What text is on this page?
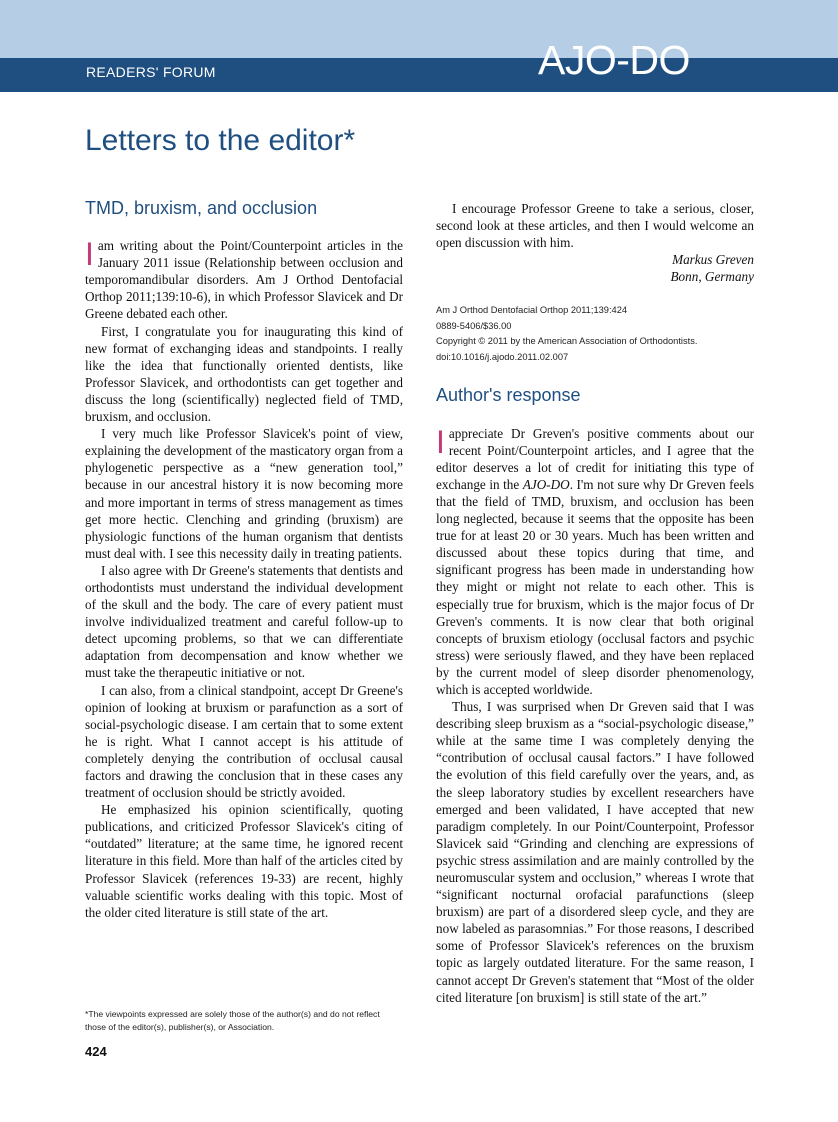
READERS' FORUM	AJO-DO
Letters to the editor*
TMD, bruxism, and occlusion

Iam writing about the Point/Counterpoint articles in the January 2011 issue (Relationship between occlusion and temporomandibular disorders. Am J Orthod Dentofacial Orthop 2011;139:10-6), in which Professor Slavicek and Dr Greene debated each other.

First, I congratulate you for inaugurating this kind of new format of exchanging ideas and standpoints. I really like the idea that functionally oriented dentists, like Professor Slavicek, and orthodontists can get together and discuss the long (scientifically) neglected field of TMD, bruxism, and occlusion.

I very much like Professor Slavicek's point of view, explaining the development of the masticatory organ from a phylogenetic perspective as a “new generation tool,” because in our ancestral history it is now becoming more and more important in terms of stress management as times get more hectic. Clenching and grinding (bruxism) are physiologic functions of the human organism that dentists must deal with. I see this necessity daily in treating patients.

I also agree with Dr Greene's statements that dentists and orthodontists must understand the individual development of the skull and the body. The care of every patient must involve individualized treatment and careful follow-up to detect upcoming problems, so that we can differentiate adaptation from decompensation and know whether we must take the therapeutic initiative or not.

I can also, from a clinical standpoint, accept Dr Greene's opinion of looking at bruxism or parafunction as a sort of social-psychologic disease. I am certain that to some extent he is right. What I cannot accept is his attitude of completely denying the contribution of occlusal causal factors and drawing the conclusion that in these cases any treatment of occlusion should be strictly avoided.

He emphasized his opinion scientifically, quoting publications, and criticized Professor Slavicek's citing of “outdated” literature; at the same time, he ignored recent literature in this field. More than half of the articles cited by Professor Slavicek (references 19-33) are recent, highly valuable scientific works dealing with this topic. Most of the older cited literature is still state of the art.

I encourage Professor Greene to take a serious, closer, second look at these articles, and then I would welcome an open discussion with him.

Markus Greven
Bonn, Germany
Am J Orthod Dentofacial Orthop 2011;139:424
0889-5406/$36.00
Copyright © 2011 by the American Association of Orthodontists.
doi:10.1016/j.ajodo.2011.02.007
Author's response

Iappreciate Dr Greven's positive comments about our recent Point/Counterpoint articles, and I agree that the editor deserves a lot of credit for initiating this type of exchange in the AJO-DO. I'm not sure why Dr Greven feels that the field of TMD, bruxism, and occlusion has been long neglected, because it seems that the opposite has been true for at least 20 or 30 years. Much has been written and discussed about these topics during that time, and significant progress has been made in understanding how they might or might not relate to each other. This is especially true for bruxism, which is the major focus of Dr Greven's comments. It is now clear that both original concepts of bruxism etiology (occlusal factors and psychic stress) were seriously flawed, and they have been replaced by the current model of sleep disorder phenomenology, which is accepted worldwide.

Thus, I was surprised when Dr Greven said that I was describing sleep bruxism as a “social-psychologic disease,” while at the same time I was completely denying the “contribution of occlusal causal factors.” I have followed the evolution of this field carefully over the years, and, as the sleep laboratory studies by excellent researchers have emerged and been validated, I have accepted that new paradigm completely. In our Point/Counterpoint, Professor Slavicek said “Grinding and clenching are expressions of psychic stress assimilation and are mainly controlled by the neuromuscular system and occlusion,” whereas I wrote that “significant nocturnal orofacial parafunctions (sleep bruxism) are part of a disordered sleep cycle, and they are now labeled as parasomnias.” For those reasons, I described some of Professor Slavicek's references on the bruxism topic as largely outdated literature. For the same reason, I cannot accept Dr Greven's statement that “Most of the older cited literature [on bruxism] is still state of the art.”

*The viewpoints expressed are solely those of the author(s) and do not reflect those of the editor(s), publisher(s), or Association.
424
